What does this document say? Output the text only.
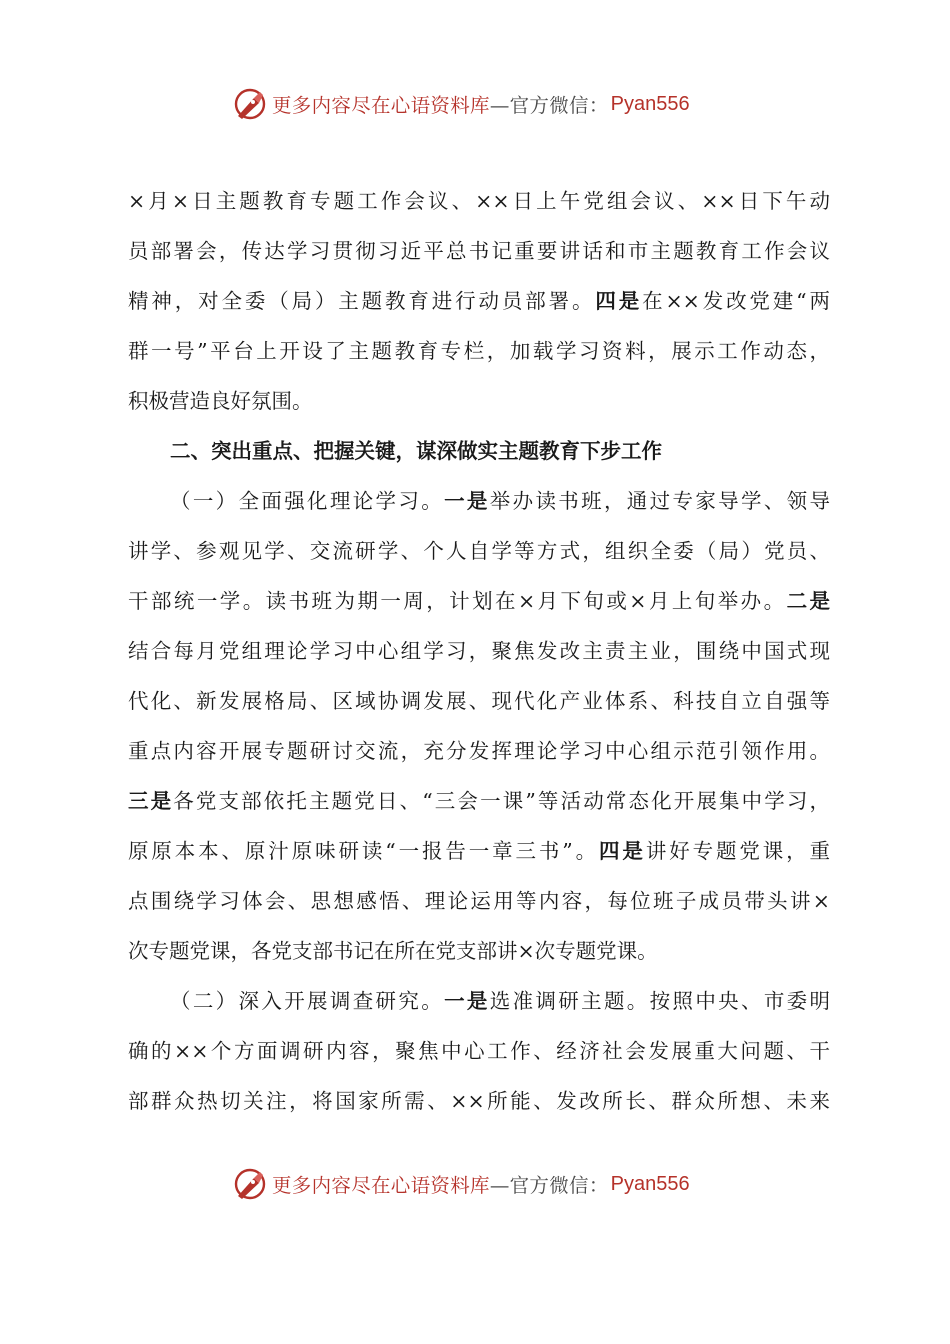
更多内容尽在心语资料库 —官方微信： Pyan556
×月×日主题教育专题工作会议、××日上午党组会议、××日下午动
员部署会，传达学习贯彻习近平总书记重要讲话和市主题教育工作会议
精神，对全委（局）主题教育进行动员部署。四是在××发改党建“两
群一号”平台上开设了主题教育专栏，加载学习资料，展示工作动态，
积极营造良好氛围。
二、突出重点、把握关键，谋深做实主题教育下步工作
（一）全面强化理论学习。一是举办读书班，通过专家导学、领导
讲学、参观见学、交流研学、个人自学等方式，组织全委（局）党员、
干部统一学。读书班为期一周，计划在×月下旬或×月上旬举办。二是
结合每月党组理论学习中心组学习，聚焦发改主责主业，围绕中国式现
代化、新发展格局、区域协调发展、现代化产业体系、科技自立自强等
重点内容开展专题研讨交流，充分发挥理论学习中心组示范引领作用。
三是各党支部依托主题党日、“三会一课”等活动常态化开展集中学习，
原原本本、原汁原味研读“一报告一章三书”。四是讲好专题党课，重
点围绕学习体会、思想感悟、理论运用等内容，每位班子成员带头讲×
次专题党课，各党支部书记在所在党支部讲×次专题党课。
（二）深入开展调查研究。一是选准调研主题。按照中央、市委明
确的××个方面调研内容，聚焦中心工作、经济社会发展重大问题、干
部群众热切关注，将国家所需、××所能、发改所长、群众所想、未来
更多内容尽在心语资料库 —官方微信： Pyan556
